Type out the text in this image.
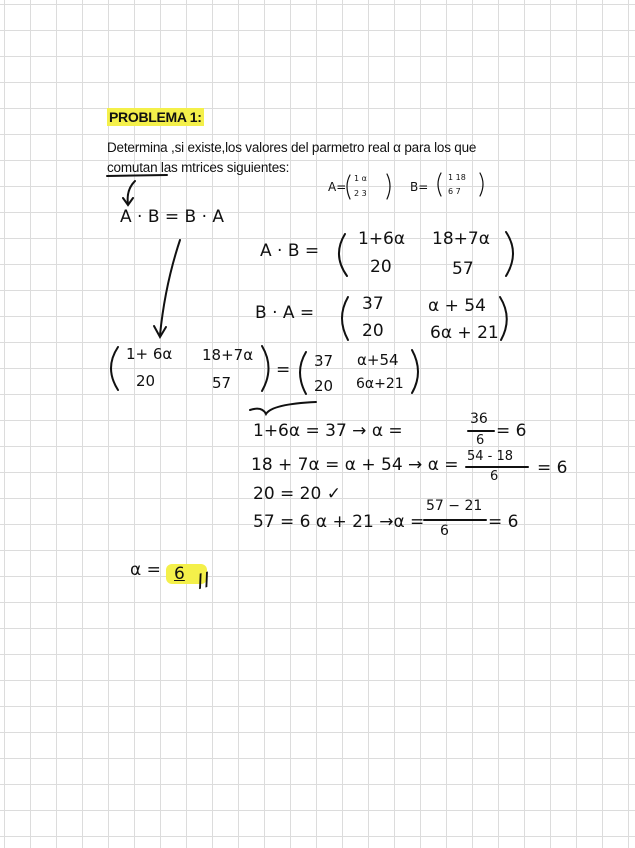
PROBLEMA 1:
Determina ,si existe,los valores del parmetro real α para los que
comutan las mtrices siguientes:
A=
1 α
2 3	B=
1 18
6 7
A · B = B · A
A · B =
1+6α 18+7α
20	57
B · A =	37	α + 54
20	6α + 21
1+ 6α 18+7α
20	57
= 37 α+54
20 6α+21
1+6α = 37 → α =
36
6 = 6
18 + 7α = α + 54 → α = 54 - 18
6 = 6
20 = 20 ✓
57 = 6 α + 21 →α =
57 − 21
6 = 6
α = 6 //
